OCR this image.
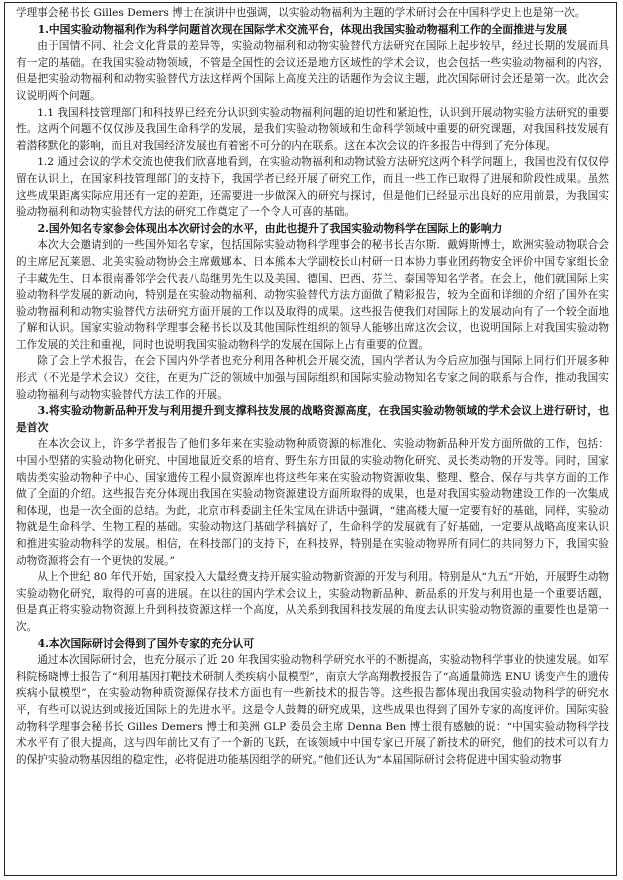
学理事会秘书长 Gilles Demers 博士在演讲中也强调，以实验动物福利为主题的学术研讨会在中国科学史上也是第一次。

1.中国实验动物福利作为科学问题首次现在国际学术交流平台，体现出我国实验动物福利工作的全面推进与发展

由于国情不同、社会文化背景的差异等，实验动物福利和动物实验替代方法研究在国际上起步较早，经过长期的发展而具有一定的基础。在我国实验动物领域，不管是全国性的会议还是地方区域性的学术会议，也会包括一些实验动物福利的内容，但是把实验动物福利和动物实验替代方法这样两个国际上高度关注的话题作为会议主题，此次国际研讨会还是第一次。此次会议说明两个问题。

1.1 我国科技管理部门和科技界已经充分认识到实验动物福利问题的迫切性和紧迫性，认识到开展动物实验方法研究的重要性。这两个问题不仅仅涉及我国生命科学的发展，是我们实验动物领域和生命科学领域中重要的研究课题，对我国科技发展有着潜移默化的影响，而且对我国经济发展也有着密不可分的内在联系。这在本次会议的许多报告中得到了充分体现。

1.2 通过会议的学术交流也使我们欣喜地看到，在实验动物福利和动物试验方法研究这两个科学问题上，我国也没有仅仅停留在认识上，在国家科技管理部门的支持下，我国学者已经开展了研究工作，而且一些工作已取得了进展和阶段性成果。虽然这些成果距离实际应用还有一定的差距，还需要进一步做深入的研究与探讨，但是他们已经显示出良好的应用前景，为我国实验动物福利和动物实验替代方法的研究工作奠定了一个令人可喜的基础。

2.国外知名专家参会体现出本次研讨会的水平，由此也提升了我国实验动物科学在国际上的影响力

本次大会邀请到的一些国外知名专家，包括国际实验动物科学理事会的秘书长吉尔斯．戴姆斯博士，欧洲实验动物联合会的主席尼瓦莱恩、北美实验动物协会主席戴娜本、日本熊本大学副校长山村研一日本协力事业团药物安全评价中国专家组长金子丰藏先生、日本很南番邻学会代表八岛继男先生以及美国、德国、巴西、芬兰、泰国等知名学者。在会上，他们就国际上实验动物科学发展的新动向，特别是在实验动物福利、动物实验替代方法方面做了精彩报告，较为全面和详细的介绍了国外在实验动物福利和动物实验替代方法研究方面开展的工作以及取得的成果。这些报告使我们对国际上的发展动向有了一个较全面地了解和认识。国家实验动物科学理事会秘书长以及其他国际性组织的领导人能够出席这次会议，也说明国际上对我国实验动物工作发展的关注和重视，同时也说明我国实验动物科学的发展在国际上占有重要的位置。

除了会上学术报告，在会下国内外学者也充分利用各种机会开展交流，国内学者认为今后应加强与国际上同行们开展多种形式（不光是学术会议）交往，在更为广泛的领域中加强与国际组织和国际实验动物知名专家之间的联系与合作，推动我国实验动物福利与动物实验替代方法工作的开展。

3.将实验动物新品种开发与利用提升到支撑科技发展的战略资源高度，在我国实验动物领域的学术会议上进行研讨，也是首次

在本次会议上，许多学者报告了他们多年来在实验动物种质资源的标准化、实验动物新品种开发方面所做的工作，包括：中国小型猪的实验动物化研究、中国地鼠近交系的培育、野生东方田鼠的实验动物化研究、灵长类动物的开发等。同时，国家啮齿类实验动物种子中心、国家遗传工程小鼠资源库也将这些年来在实验动物资源收集、整理、整合、保存与共享方面的工作做了全面的介绍。这些报告充分体现出我国在实验动物资源建设方面所取得的成果，也是对我国实验动物建设工作的一次集成和体现，也是一次全面的总结。为此，北京市科委副主任朱宝凤在讲话中强调，“建高楼大厦一定要有好的基础，同样，实验动物就是生命科学、生物工程的基础。实验动物这门基础学科搞好了，生命科学的发展就有了好基础，一定要从战略高度来认识和推进实验动物科学的发展。相信，在科技部门的支持下，在科技界，特别是在实验动物界所有同仁的共同努力下，我国实验动物资源将会有一个更快的发展。”

从上个世纪 80 年代开始，国家投入大量经费支持开展实验动物新资源的开发与利用。特别是从“九五”开始，开展野生动物实验动物化研究，取得的可喜的进展。在以往的国内学术会议上，实验动物新品种、新品系的开发与利用也是一个重要话题，但是真正将实验动物资源上升到科技资源这样一个高度，从关系到我国科技发展的角度去认识实验动物资源的重要性也是第一次。

4.本次国际研讨会得到了国外专家的充分认可

通过本次国际研讨会，也充分展示了近 20 年我国实验动物科学研究水平的不断提高，实验动物科学事业的快速发展。如军科院杨晓博士报告了“利用基因打靶技术研制人类疾病小鼠模型”，南京大学高翔教授报告了“高通量筛选 ENU 诱变产生的遗传疾病小鼠模型”，在实验动物种质资源保存技术方面也有一些新技术的报告等。这些报告都体现出我国实验动物科学的研究水平，有些可以说达到或接近国际上的先进水平。这是令人鼓舞的研究成果，这些成果也得到了国外专家的高度评价。国际实验动物科学理事会秘书长 Gilles Demers 博士和美洲 GLP 委员会主席 Denna Ben 博士很有感触的说：“中国实验动物科学技术水平有了很大提高，这与四年前比又有了一个新的飞跃，在该领域中中国专家已开展了新技术的研究，他们的技术可以有力的保护实验动物基因组的稳定性，必将促进功能基因组学的研究。”他们还认为“本届国际研讨会将促进中国实验动物事
